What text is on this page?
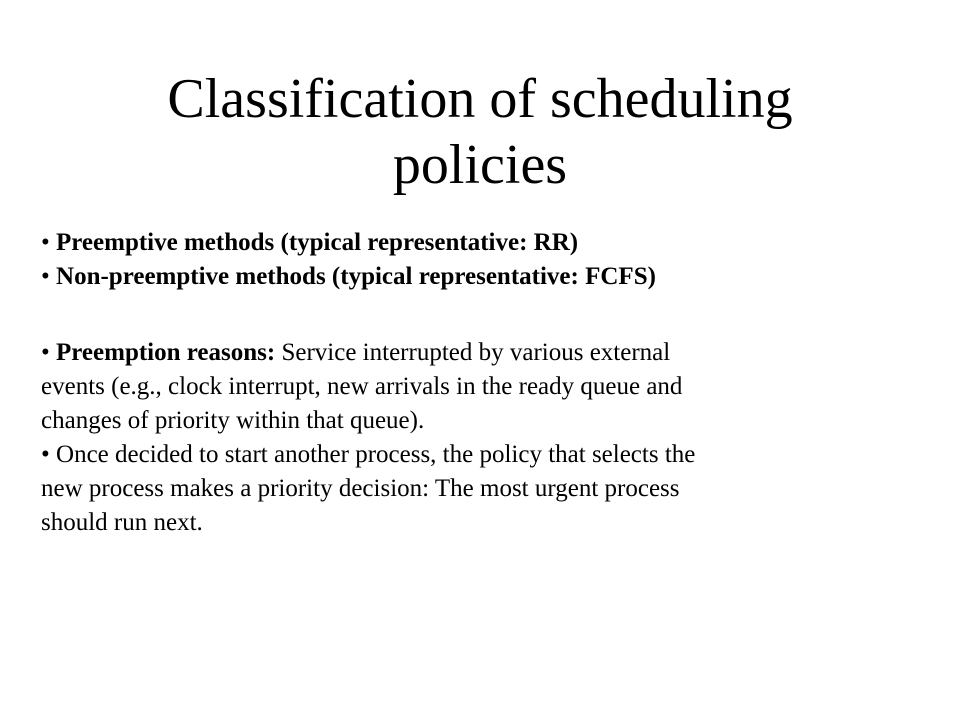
Classification of scheduling
policies
• Preemptive methods (typical representative: RR)
• Non-preemptive methods (typical representative: FCFS)
• Preemption reasons: Service interrupted by various external
events (e.g., clock interrupt, new arrivals in the ready queue and
changes of priority within that queue).
• Once decided to start another process, the policy that selects the
new process makes a priority decision: The most urgent process
should run next.
